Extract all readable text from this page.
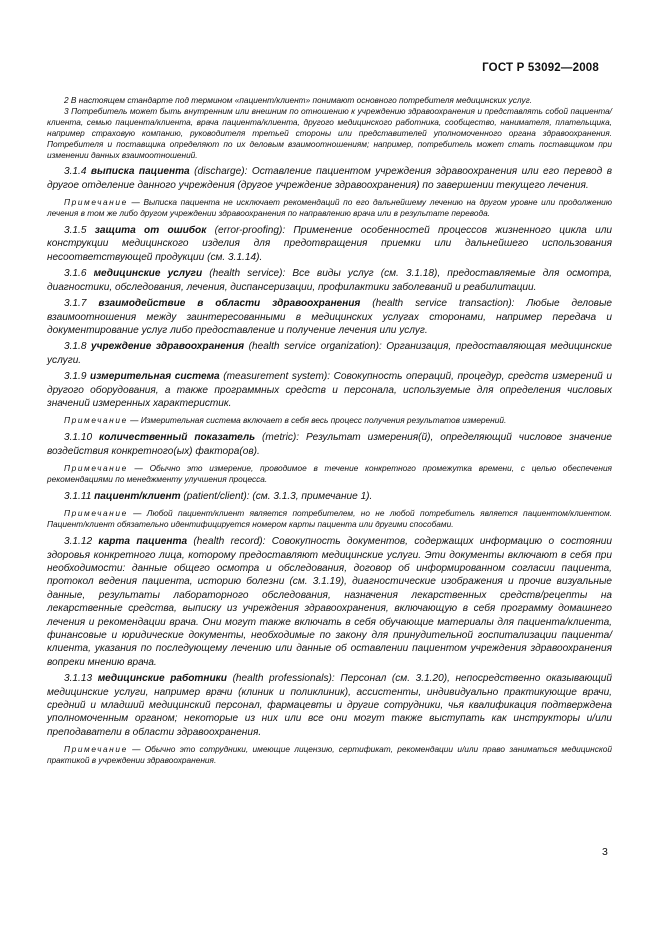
ГОСТ Р 53092—2008

2 В настоящем стандарте под термином «пациент/клиент» понимают основного потребителя медицинских услуг.

3 Потребитель может быть внутренним или внешним по отношению к учреждению здравоохранения и представлять собой пациента/клиента, семью пациента/клиента, врача пациента/клиента, другого медицинского работника, сообщество, нанимателя, плательщика, например страховую компанию, руководителя третьей стороны или представителей уполномоченного органа здравоохранения. Потребителя и поставщика определяют по их деловым взаимоотношениям; например, потребитель может стать поставщиком при изменении данных взаимоотношений.

3.1.4 выписка пациента (discharge): Оставление пациентом учреждения здравоохранения или его перевод в другое отделение данного учреждения (другое учреждение здравоохранения) по завершении текущего лечения.

Примечание — Выписка пациента не исключает рекомендаций по его дальнейшему лечению на другом уровне или продолжению лечения в том же либо другом учреждении здравоохранения по направлению врача или в результате перевода.

3.1.5 защита от ошибок (error-proofing): Применение особенностей процессов жизненного цикла или конструкции медицинского изделия для предотвращения приемки или дальнейшего использования несоответствующей продукции (см. 3.1.14).

3.1.6 медицинские услуги (health service): Все виды услуг (см. 3.1.18), предоставляемые для осмотра, диагностики, обследования, лечения, диспансеризации, профилактики заболеваний и реабилитации.

3.1.7 взаимодействие в области здравоохранения (health service transaction): Любые деловые взаимоотношения между заинтересованными в медицинских услугах сторонами, например передача и документирование услуг либо предоставление и получение лечения или услуг.

3.1.8 учреждение здравоохранения (health service organization): Организация, предоставляющая медицинские услуги.

3.1.9 измерительная система (measurement system): Совокупность операций, процедур, средств измерений и другого оборудования, а также программных средств и персонала, используемые для определения числовых значений измеренных характеристик.

Примечание — Измерительная система включает в себя весь процесс получения результатов измерений.

3.1.10 количественный показатель (metric): Результат измерения(й), определяющий числовое значение воздействия конкретного(ых) фактора(ов).

Примечание — Обычно это измерение, проводимое в течение конкретного промежутка времени, с целью обеспечения рекомендациями по менеджменту улучшения процесса.

3.1.11 пациент/клиент (patient/client): (см. 3.1.3, примечание 1).

Примечание — Любой пациент/клиент является потребителем, но не любой потребитель является пациентом/клиентом. Пациент/клиент обязательно идентифицируется номером карты пациента или другими способами.

3.1.12 карта пациента (health record): Совокупность документов, содержащих информацию о состоянии здоровья конкретного лица, которому предоставляют медицинские услуги. Эти документы включают в себя при необходимости: данные общего осмотра и обследования, договор об информированном согласии пациента, протокол ведения пациента, историю болезни (см. 3.1.19), диагностические изображения и прочие визуальные данные, результаты лабораторного обследования, назначения лекарственных средств/рецепты на лекарственные средства, выписку из учреждения здравоохранения, включающую в себя программу домашнего лечения и рекомендации врача. Они могут также включать в себя обучающие материалы для пациента/клиента, финансовые и юридические документы, необходимые по закону для принудительной госпитализации пациента/клиента, указания по последующему лечению или данные об оставлении пациентом учреждения здравоохранения вопреки мнению врача.

3.1.13 медицинские работники (health professionals): Персонал (см. 3.1.20), непосредственно оказывающий медицинские услуги, например врачи (клиник и поликлиник), ассистенты, индивидуально практикующие врачи, средний и младший медицинский персонал, фармацевты и другие сотрудники, чья квалификация подтверждена уполномоченным органом; некоторые из них или все они могут также выступать как инструкторы и/или преподаватели в области здравоохранения.

Примечание — Обычно это сотрудники, имеющие лицензию, сертификат, рекомендации и/или право заниматься медицинской практикой в учреждении здравоохранения.

3
